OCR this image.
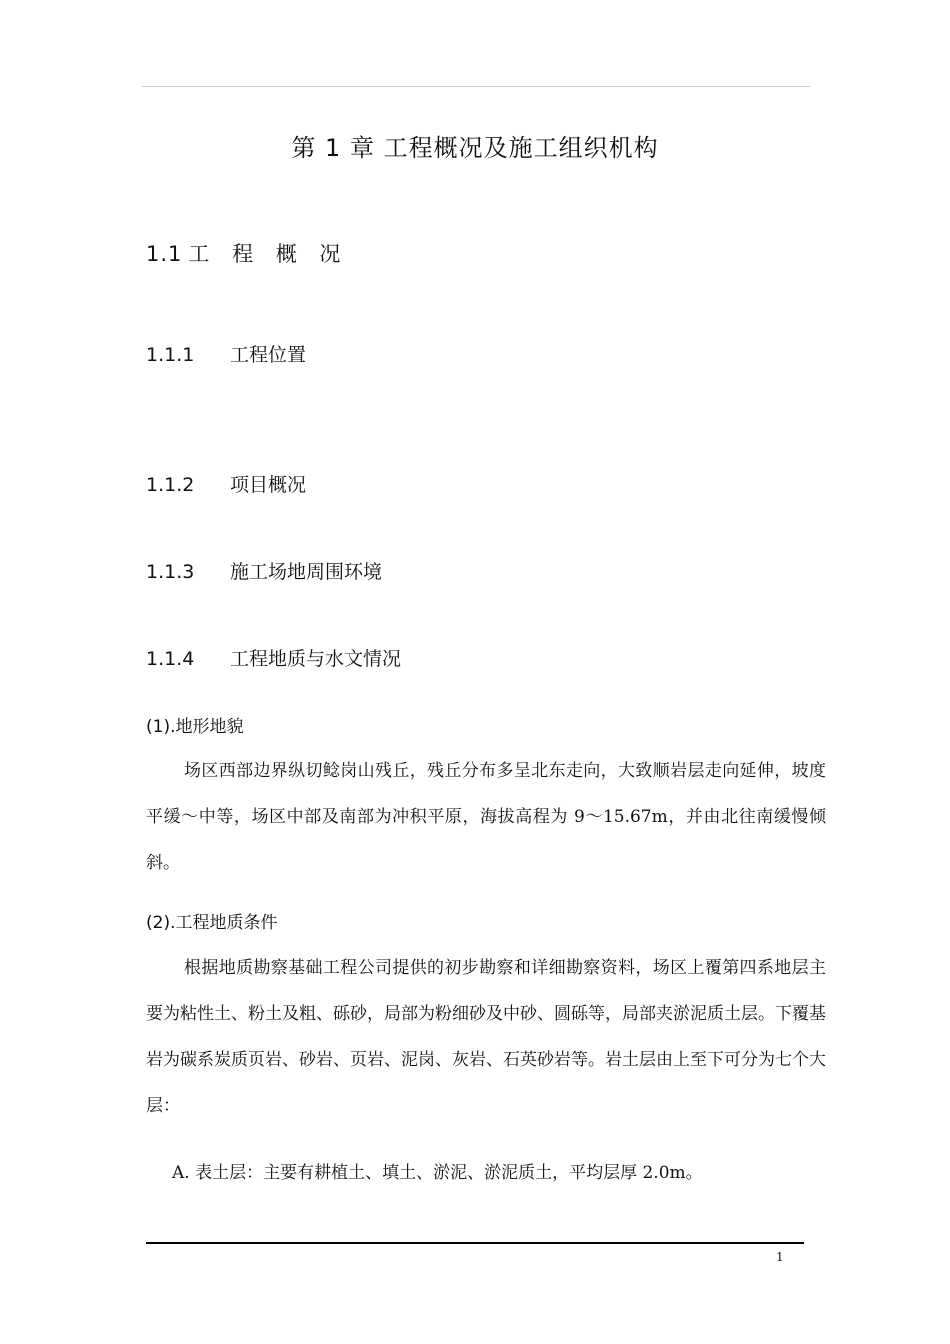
第 1 章 工程概况及施工组织机构
1.1 工 程 概 况
1.1.1 工程位置
1.1.2 项目概况
1.1.3 施工场地周围环境
1.1.4 工程地质与水文情况
(1).地形地貌
场区西部边界纵切鲶岗山残丘，残丘分布多呈北东走向，大致顺岩层走向延伸，坡度平缓～中等，场区中部及南部为冲积平原，海拔高程为 9～15.67m，并由北往南缓慢倾斜。
(2).工程地质条件
根据地质勘察基础工程公司提供的初步勘察和详细勘察资料，场区上覆第四系地层主要为粘性土、粉土及粗、砾砂，局部为粉细砂及中砂、圆砾等，局部夹淤泥质土层。下覆基岩为碳系炭质页岩、砂岩、页岩、泥岗、灰岩、石英砂岩等。岩土层由上至下可分为七个大层：
A. 表土层：主要有耕植土、填土、淤泥、淤泥质土，平均层厚 2.0m。
1
